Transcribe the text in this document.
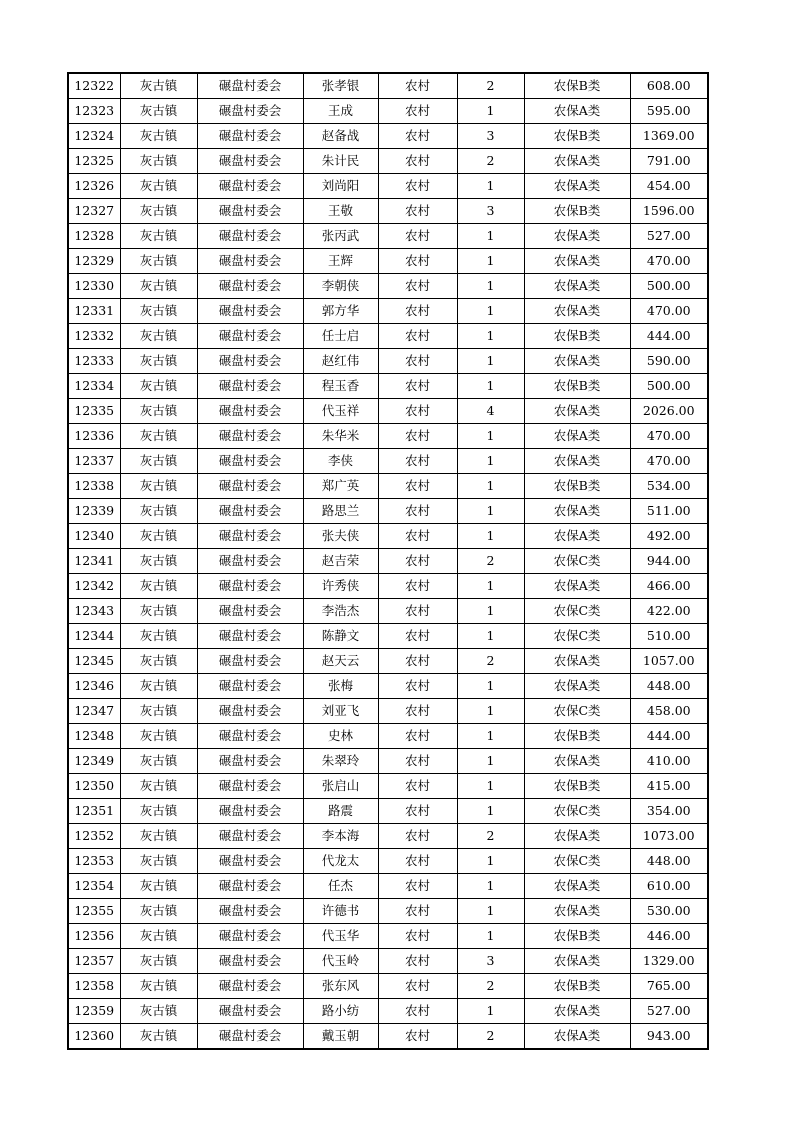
12322	灰古镇	碾盘村委会	张孝银	农村	2	农保B类	608.00
12323	灰古镇	碾盘村委会	王成	农村	1	农保A类	595.00
12324	灰古镇	碾盘村委会	赵备战	农村	3	农保B类	1369.00
12325	灰古镇	碾盘村委会	朱计民	农村	2	农保A类	791.00
12326	灰古镇	碾盘村委会	刘尚阳	农村	1	农保A类	454.00
12327	灰古镇	碾盘村委会	王敬	农村	3	农保B类	1596.00
12328	灰古镇	碾盘村委会	张丙武	农村	1	农保A类	527.00
12329	灰古镇	碾盘村委会	王辉	农村	1	农保A类	470.00
12330	灰古镇	碾盘村委会	李朝侠	农村	1	农保A类	500.00
12331	灰古镇	碾盘村委会	郭方华	农村	1	农保A类	470.00
12332	灰古镇	碾盘村委会	任士启	农村	1	农保B类	444.00
12333	灰古镇	碾盘村委会	赵红伟	农村	1	农保A类	590.00
12334	灰古镇	碾盘村委会	程玉香	农村	1	农保B类	500.00
12335	灰古镇	碾盘村委会	代玉祥	农村	4	农保A类	2026.00
12336	灰古镇	碾盘村委会	朱华米	农村	1	农保A类	470.00
12337	灰古镇	碾盘村委会	李侠	农村	1	农保A类	470.00
12338	灰古镇	碾盘村委会	郑广英	农村	1	农保B类	534.00
12339	灰古镇	碾盘村委会	路思兰	农村	1	农保A类	511.00
12340	灰古镇	碾盘村委会	张夫侠	农村	1	农保A类	492.00
12341	灰古镇	碾盘村委会	赵吉荣	农村	2	农保C类	944.00
12342	灰古镇	碾盘村委会	许秀侠	农村	1	农保A类	466.00
12343	灰古镇	碾盘村委会	李浩杰	农村	1	农保C类	422.00
12344	灰古镇	碾盘村委会	陈静文	农村	1	农保C类	510.00
12345	灰古镇	碾盘村委会	赵天云	农村	2	农保A类	1057.00
12346	灰古镇	碾盘村委会	张梅	农村	1	农保A类	448.00
12347	灰古镇	碾盘村委会	刘亚飞	农村	1	农保C类	458.00
12348	灰古镇	碾盘村委会	史林	农村	1	农保B类	444.00
12349	灰古镇	碾盘村委会	朱翠玲	农村	1	农保A类	410.00
12350	灰古镇	碾盘村委会	张启山	农村	1	农保B类	415.00
12351	灰古镇	碾盘村委会	路震	农村	1	农保C类	354.00
12352	灰古镇	碾盘村委会	李本海	农村	2	农保A类	1073.00
12353	灰古镇	碾盘村委会	代龙太	农村	1	农保C类	448.00
12354	灰古镇	碾盘村委会	任杰	农村	1	农保A类	610.00
12355	灰古镇	碾盘村委会	许德书	农村	1	农保A类	530.00
12356	灰古镇	碾盘村委会	代玉华	农村	1	农保B类	446.00
12357	灰古镇	碾盘村委会	代玉岭	农村	3	农保A类	1329.00
12358	灰古镇	碾盘村委会	张东风	农村	2	农保B类	765.00
12359	灰古镇	碾盘村委会	路小纺	农村	1	农保A类	527.00
12360	灰古镇	碾盘村委会	戴玉朝	农村	2	农保A类	943.00
